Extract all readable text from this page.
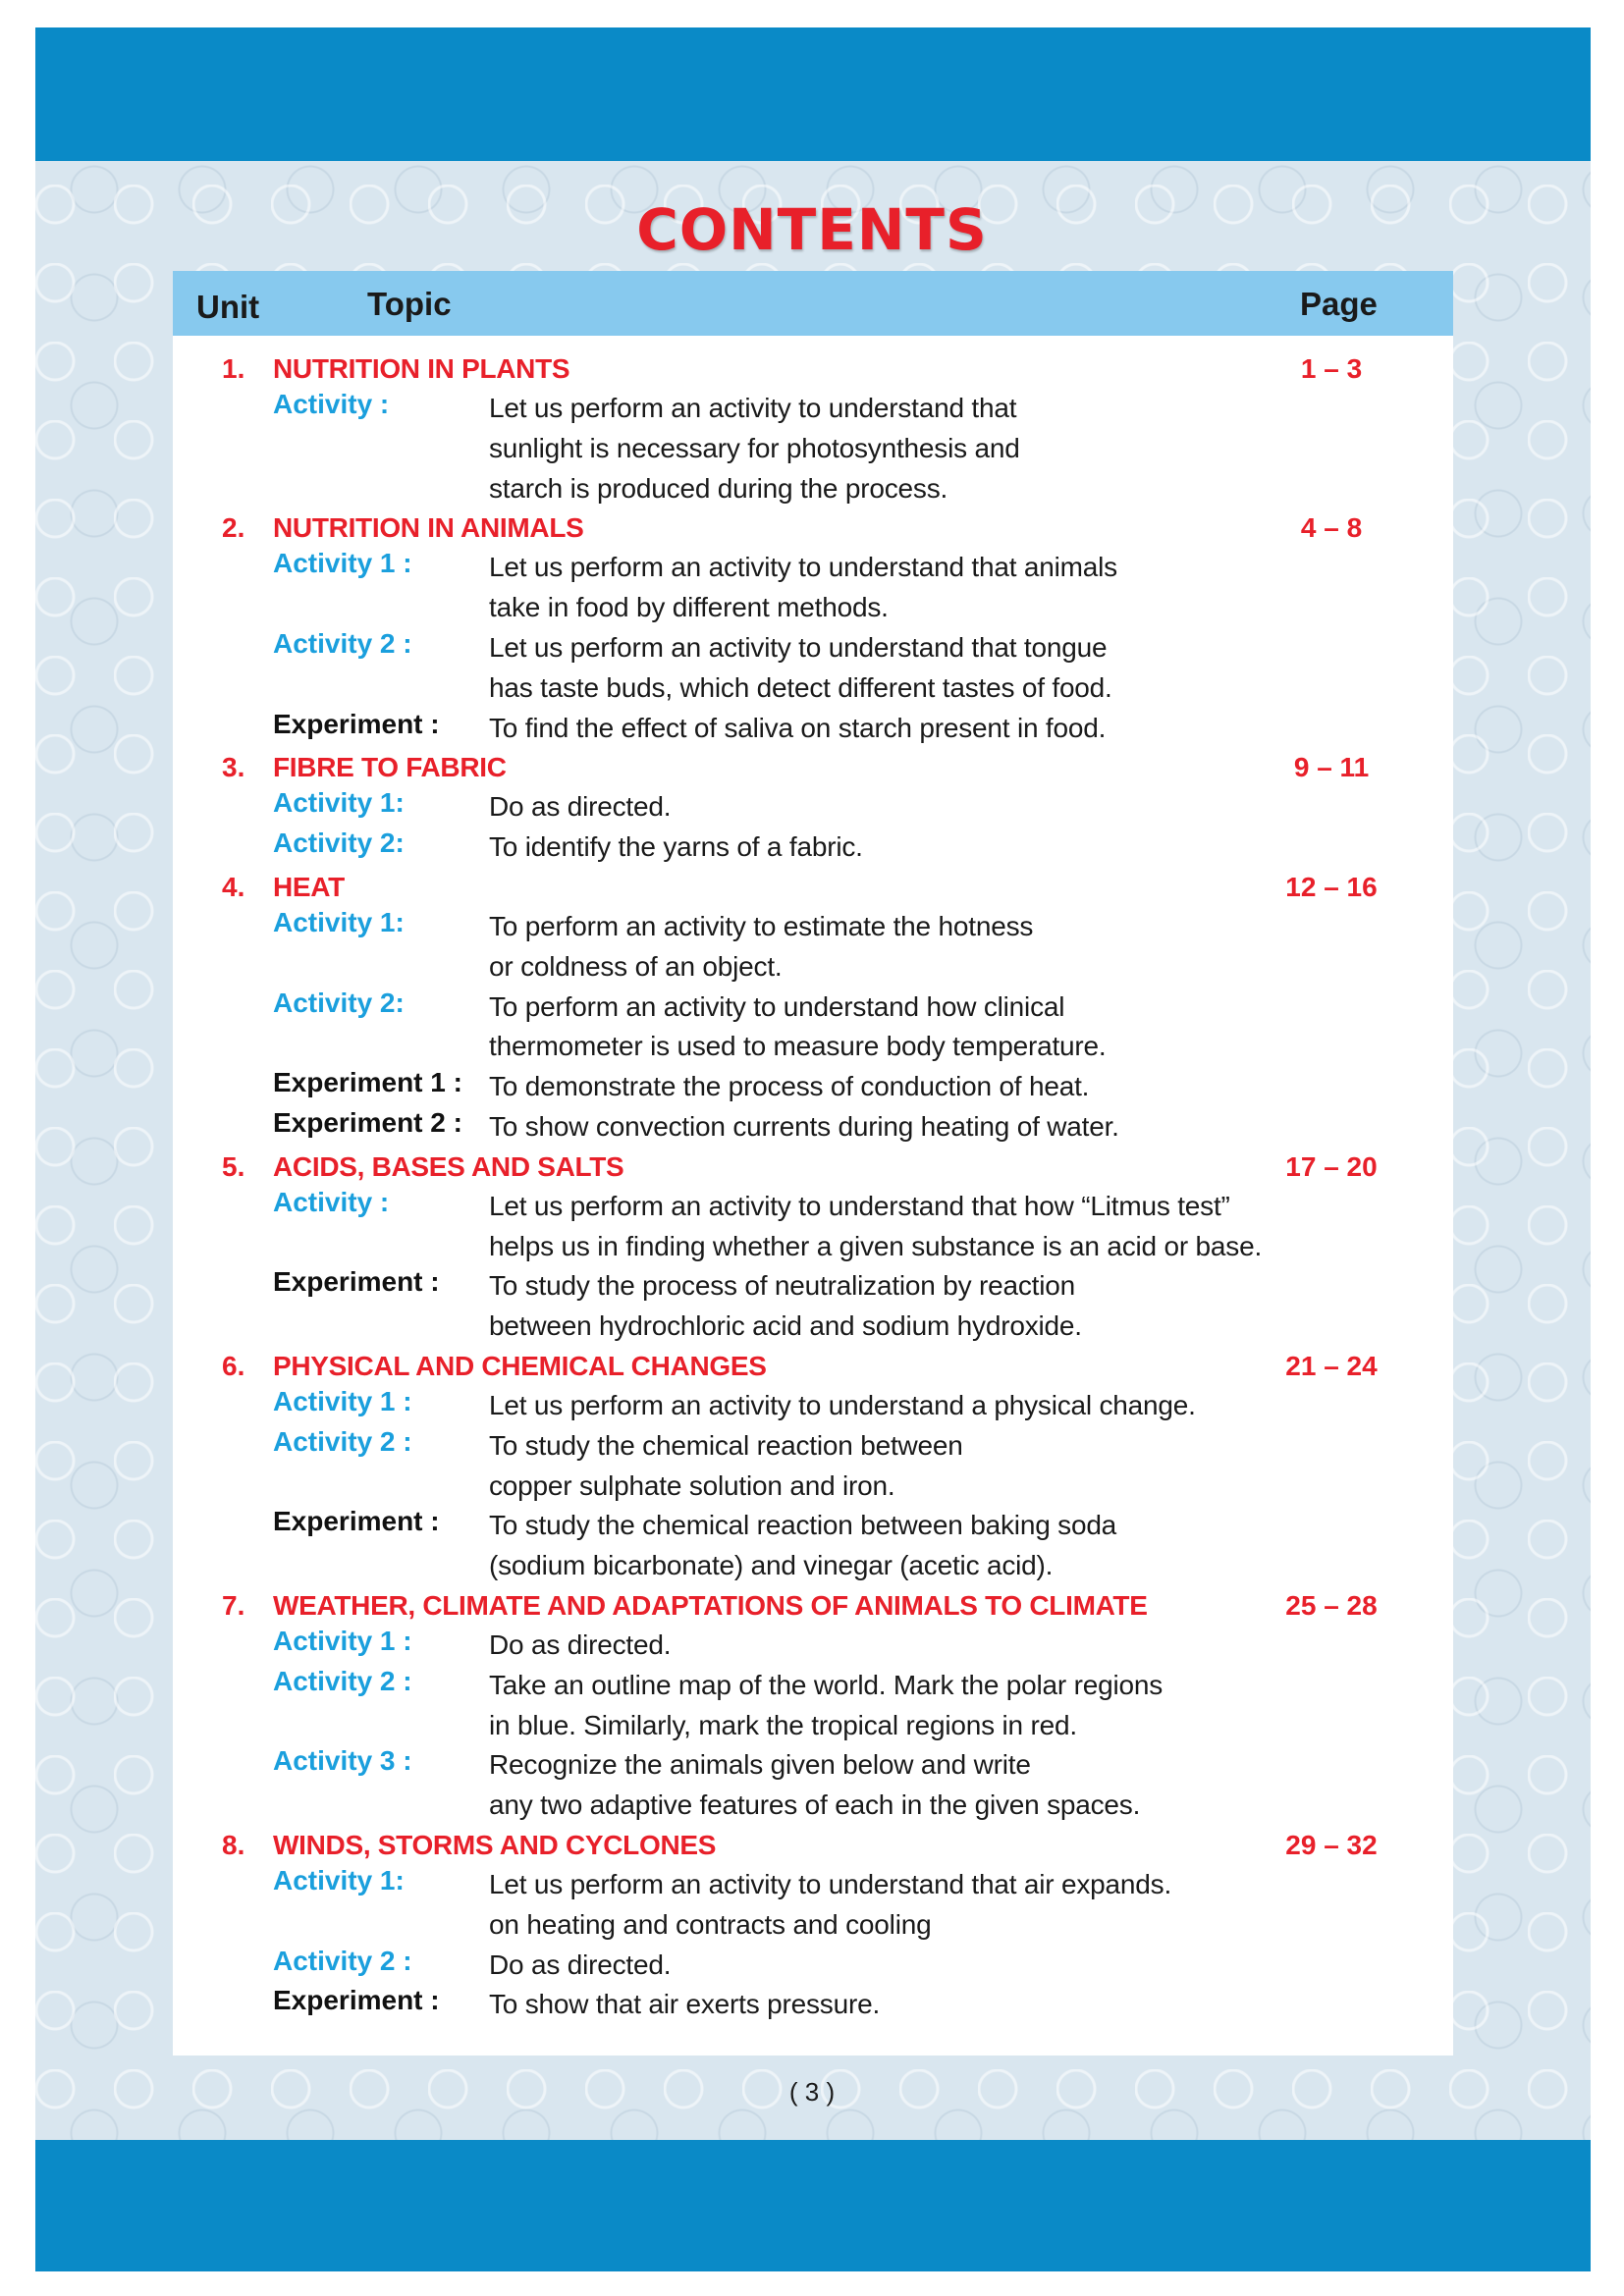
CONTENTS
Unit	Topic	Page
1. NUTRITION IN PLANTS	1 – 3
Activity :	Let us perform an activity to understand that
sunlight is necessary for photosynthesis and
starch is produced during the process.
2. NUTRITION IN ANIMALS	4 – 8
Activity 1 :	Let us perform an activity to understand that animals
take in food by different methods.
Activity 2 :	Let us perform an activity to understand that tongue
has taste buds, which detect different tastes of food.
Experiment : To find the effect of saliva on starch present in food.
3. FIBRE TO FABRIC	9 – 11
Activity 1:	Do as directed.
Activity 2:	To identify the yarns of a fabric.
4. HEAT	12 – 16
Activity 1:	To perform an activity to estimate the hotness
or coldness of an object.
Activity 2:	To perform an activity to understand how clinical
thermometer is used to measure body temperature.
Experiment 1 : To demonstrate the process of conduction of heat.
Experiment 2 : To show convection currents during heating of water.
5. ACIDS, BASES AND SALTS	17 – 20
Activity :	Let us perform an activity to understand that how “Litmus test”
helps us in finding whether a given substance is an acid or base.
Experiment : To study the process of neutralization by reaction
between hydrochloric acid and sodium hydroxide.
6. PHYSICAL AND CHEMICAL CHANGES	21 – 24
Activity 1 :	Let us perform an activity to understand a physical change.
Activity 2 :	To study the chemical reaction between
copper sulphate solution and iron.
Experiment : To study the chemical reaction between baking soda
(sodium bicarbonate) and vinegar (acetic acid).
7. WEATHER, CLIMATE AND ADAPTATIONS OF ANIMALS TO CLIMATE	25 – 28
Activity 1 :	Do as directed.
Activity 2 :	Take an outline map of the world. Mark the polar regions
in blue. Similarly, mark the tropical regions in red.
Activity 3 :	Recognize the animals given below and write
any two adaptive features of each in the given spaces.
8. WINDS, STORMS AND CYCLONES	29 – 32
Activity 1:	Let us perform an activity to understand that air expands.
on heating and contracts and cooling
Activity 2 :	Do as directed.
Experiment : To show that air exerts pressure.
( 3 )
